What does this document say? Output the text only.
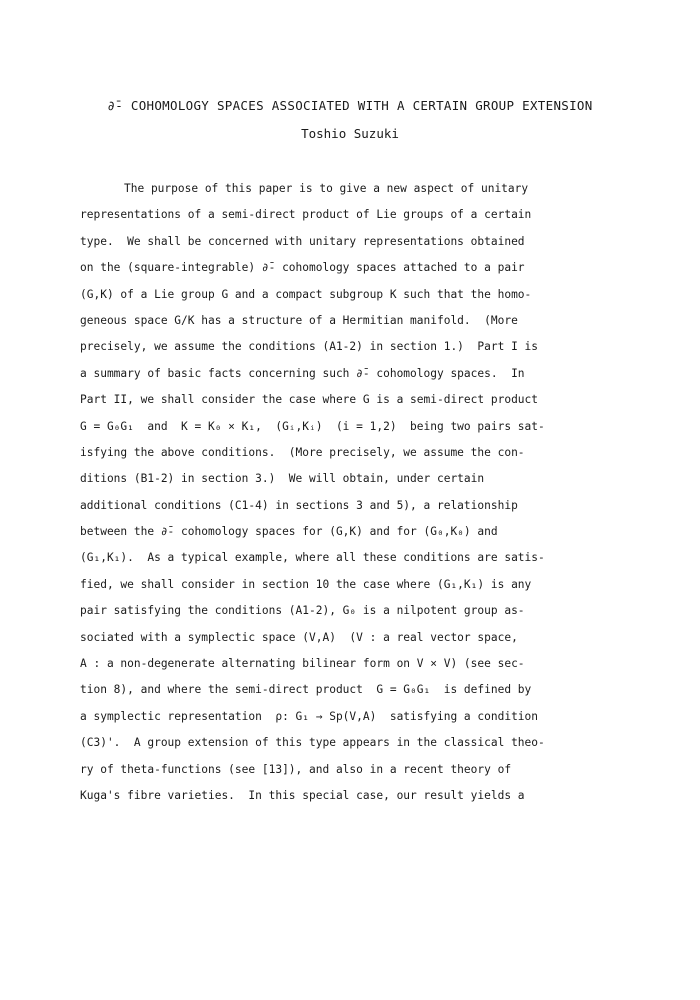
∂̄- COHOMOLOGY SPACES ASSOCIATED WITH A CERTAIN GROUP EXTENSION
Toshio Suzuki
The purpose of this paper is to give a new aspect of unitary
representations of a semi-direct product of Lie groups of a certain
type.  We shall be concerned with unitary representations obtained
on the (square-integrable) ∂̄- cohomology spaces attached to a pair
(G,K) of a Lie group G and a compact subgroup K such that the homo-
geneous space G/K has a structure of a Hermitian manifold.  (More
precisely, we assume the conditions (A1-2) in section 1.)  Part I is
a summary of basic facts concerning such ∂̄- cohomology spaces.  In
Part II, we shall consider the case where G is a semi-direct product
G = G₀G₁  and  K = K₀ × K₁,  (Gᵢ,Kᵢ)  (i = 1,2)  being two pairs sat-
isfying the above conditions.  (More precisely, we assume the con-
ditions (B1-2) in section 3.)  We will obtain, under certain
additional conditions (C1-4) in sections 3 and 5), a relationship
between the ∂̄- cohomology spaces for (G,K) and for (G₀,K₀) and
(G₁,K₁).  As a typical example, where all these conditions are satis-
fied, we shall consider in section 10 the case where (G₁,K₁) is any
pair satisfying the conditions (A1-2), G₀ is a nilpotent group as-
sociated with a symplectic space (V,A)  (V : a real vector space,
A : a non-degenerate alternating bilinear form on V × V) (see sec-
tion 8), and where the semi-direct product  G = G₀G₁  is defined by
a symplectic representation  ρ: G₁ → Sp(V,A)  satisfying a condition
(C3)'.  A group extension of this type appears in the classical theo-
ry of theta-functions (see [13]), and also in a recent theory of
Kuga's fibre varieties.  In this special case, our result yields a
